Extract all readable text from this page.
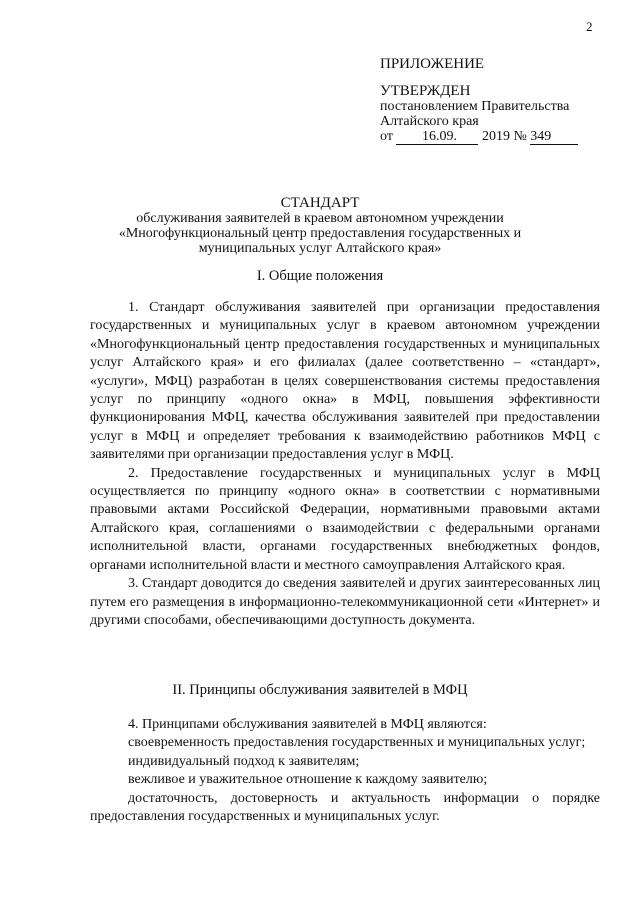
2
ПРИЛОЖЕНИЕ
УТВЕРЖДЕН
постановлением Правительства
Алтайского края
от 16.09. 2019 № 349
СТАНДАРТ
обслуживания заявителей в краевом автономном учреждении
«Многофункциональный центр предоставления государственных и
муниципальных услуг Алтайского края»
I. Общие положения

1. Стандарт обслуживания заявителей при организации предоставления государственных и муниципальных услуг в краевом автономном учреждении «Многофункциональный центр предоставления государственных и муниципальных услуг Алтайского края» и его филиалах (далее соответственно – «стандарт», «услуги», МФЦ) разработан в целях совершенствования системы предоставления услуг по принципу «одного окна» в МФЦ, повышения эффективности функционирования МФЦ, качества обслуживания заявителей при предоставлении услуг в МФЦ и определяет требования к взаимодействию работников МФЦ с заявителями при организации предоставления услуг в МФЦ.

2. Предоставление государственных и муниципальных услуг в МФЦ осуществляется по принципу «одного окна» в соответствии с нормативными правовыми актами Российской Федерации, нормативными правовыми актами Алтайского края, соглашениями о взаимодействии с федеральными органами исполнительной власти, органами государственных внебюджетных фондов, органами исполнительной власти и местного самоуправления Алтайского края.

3. Стандарт доводится до сведения заявителей и других заинтересованных лиц путем его размещения в информационно-телекоммуникационной сети «Интернет» и другими способами, обеспечивающими доступность документа.

II. Принципы обслуживания заявителей в МФЦ

4. Принципами обслуживания заявителей в МФЦ являются:

своевременность предоставления государственных и муниципальных услуг;

индивидуальный подход к заявителям;

вежливое и уважительное отношение к каждому заявителю;

достаточность, достоверность и актуальность информации о порядке предоставления государственных и муниципальных услуг.
